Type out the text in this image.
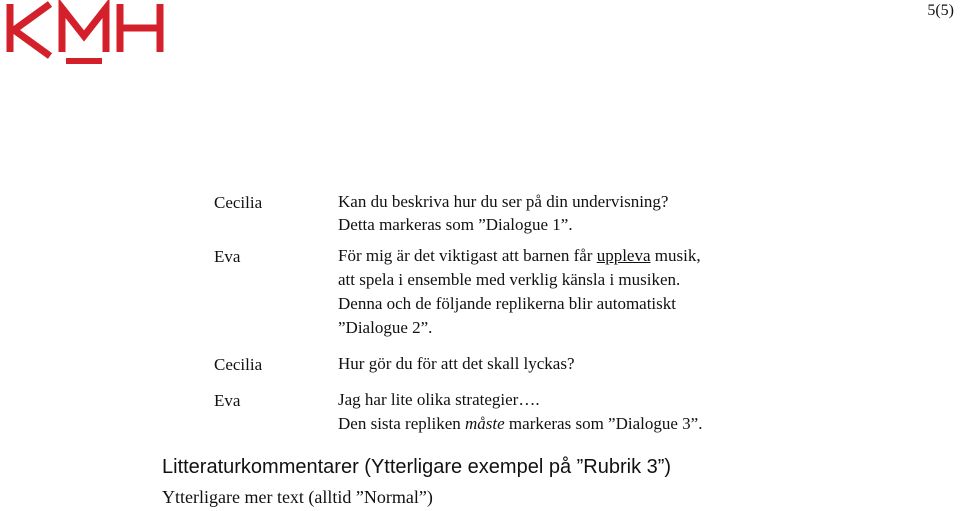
5(5)
Cecilia
Eva
Cecilia
Eva
Kan du beskriva hur du ser på din undervisning?
Detta markeras som ”Dialogue 1”.
För mig är det viktigast att barnen får uppleva musik,
att spela i ensemble med verklig känsla i musiken.
Denna och de följande replikerna blir automatiskt
”Dialogue 2”.
Hur gör du för att det skall lyckas?
Jag har lite olika strategier….
Den sista repliken måste markeras som ”Dialogue 3”.
Litteraturkommentarer (Ytterligare exempel på ”Rubrik 3”)
Ytterligare mer text (alltid ”Normal”)
